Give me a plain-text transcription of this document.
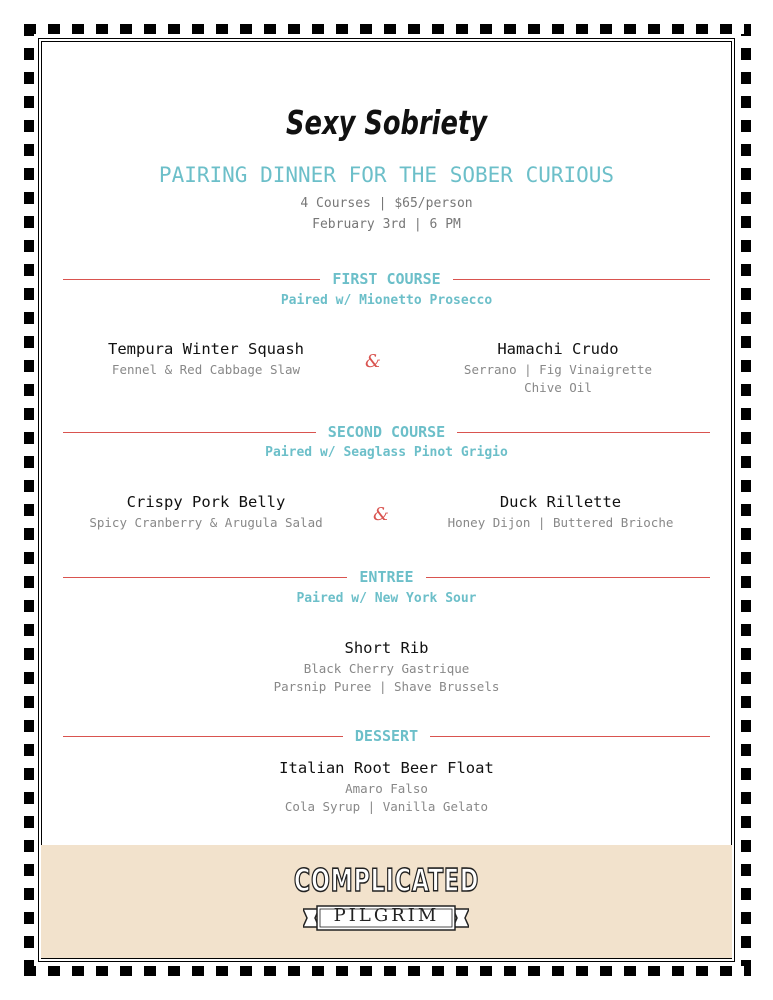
Sexy Sobriety
PAIRING DINNER FOR THE SOBER CURIOUS
4 Courses | $65/person
February 3rd | 6 PM
FIRST COURSE
Paired w/ Mionetto Prosecco
Tempura Winter Squash
Fennel & Red Cabbage Slaw	&
Hamachi Crudo
Serrano | Fig Vinaigrette
Chive Oil
SECOND COURSE
Paired w/ Seaglass Pinot Grigio
Crispy Pork Belly
Spicy Cranberry & Arugula Salad	&
Duck Rillette
Honey Dijon | Buttered Brioche
ENTREE
Paired w/ New York Sour
Short Rib
Black Cherry Gastrique
Parsnip Puree | Shave Brussels
DESSERT
Italian Root Beer Float
Amaro Falso
Cola Syrup | Vanilla Gelato
COMPLICATED
PILGRIM
